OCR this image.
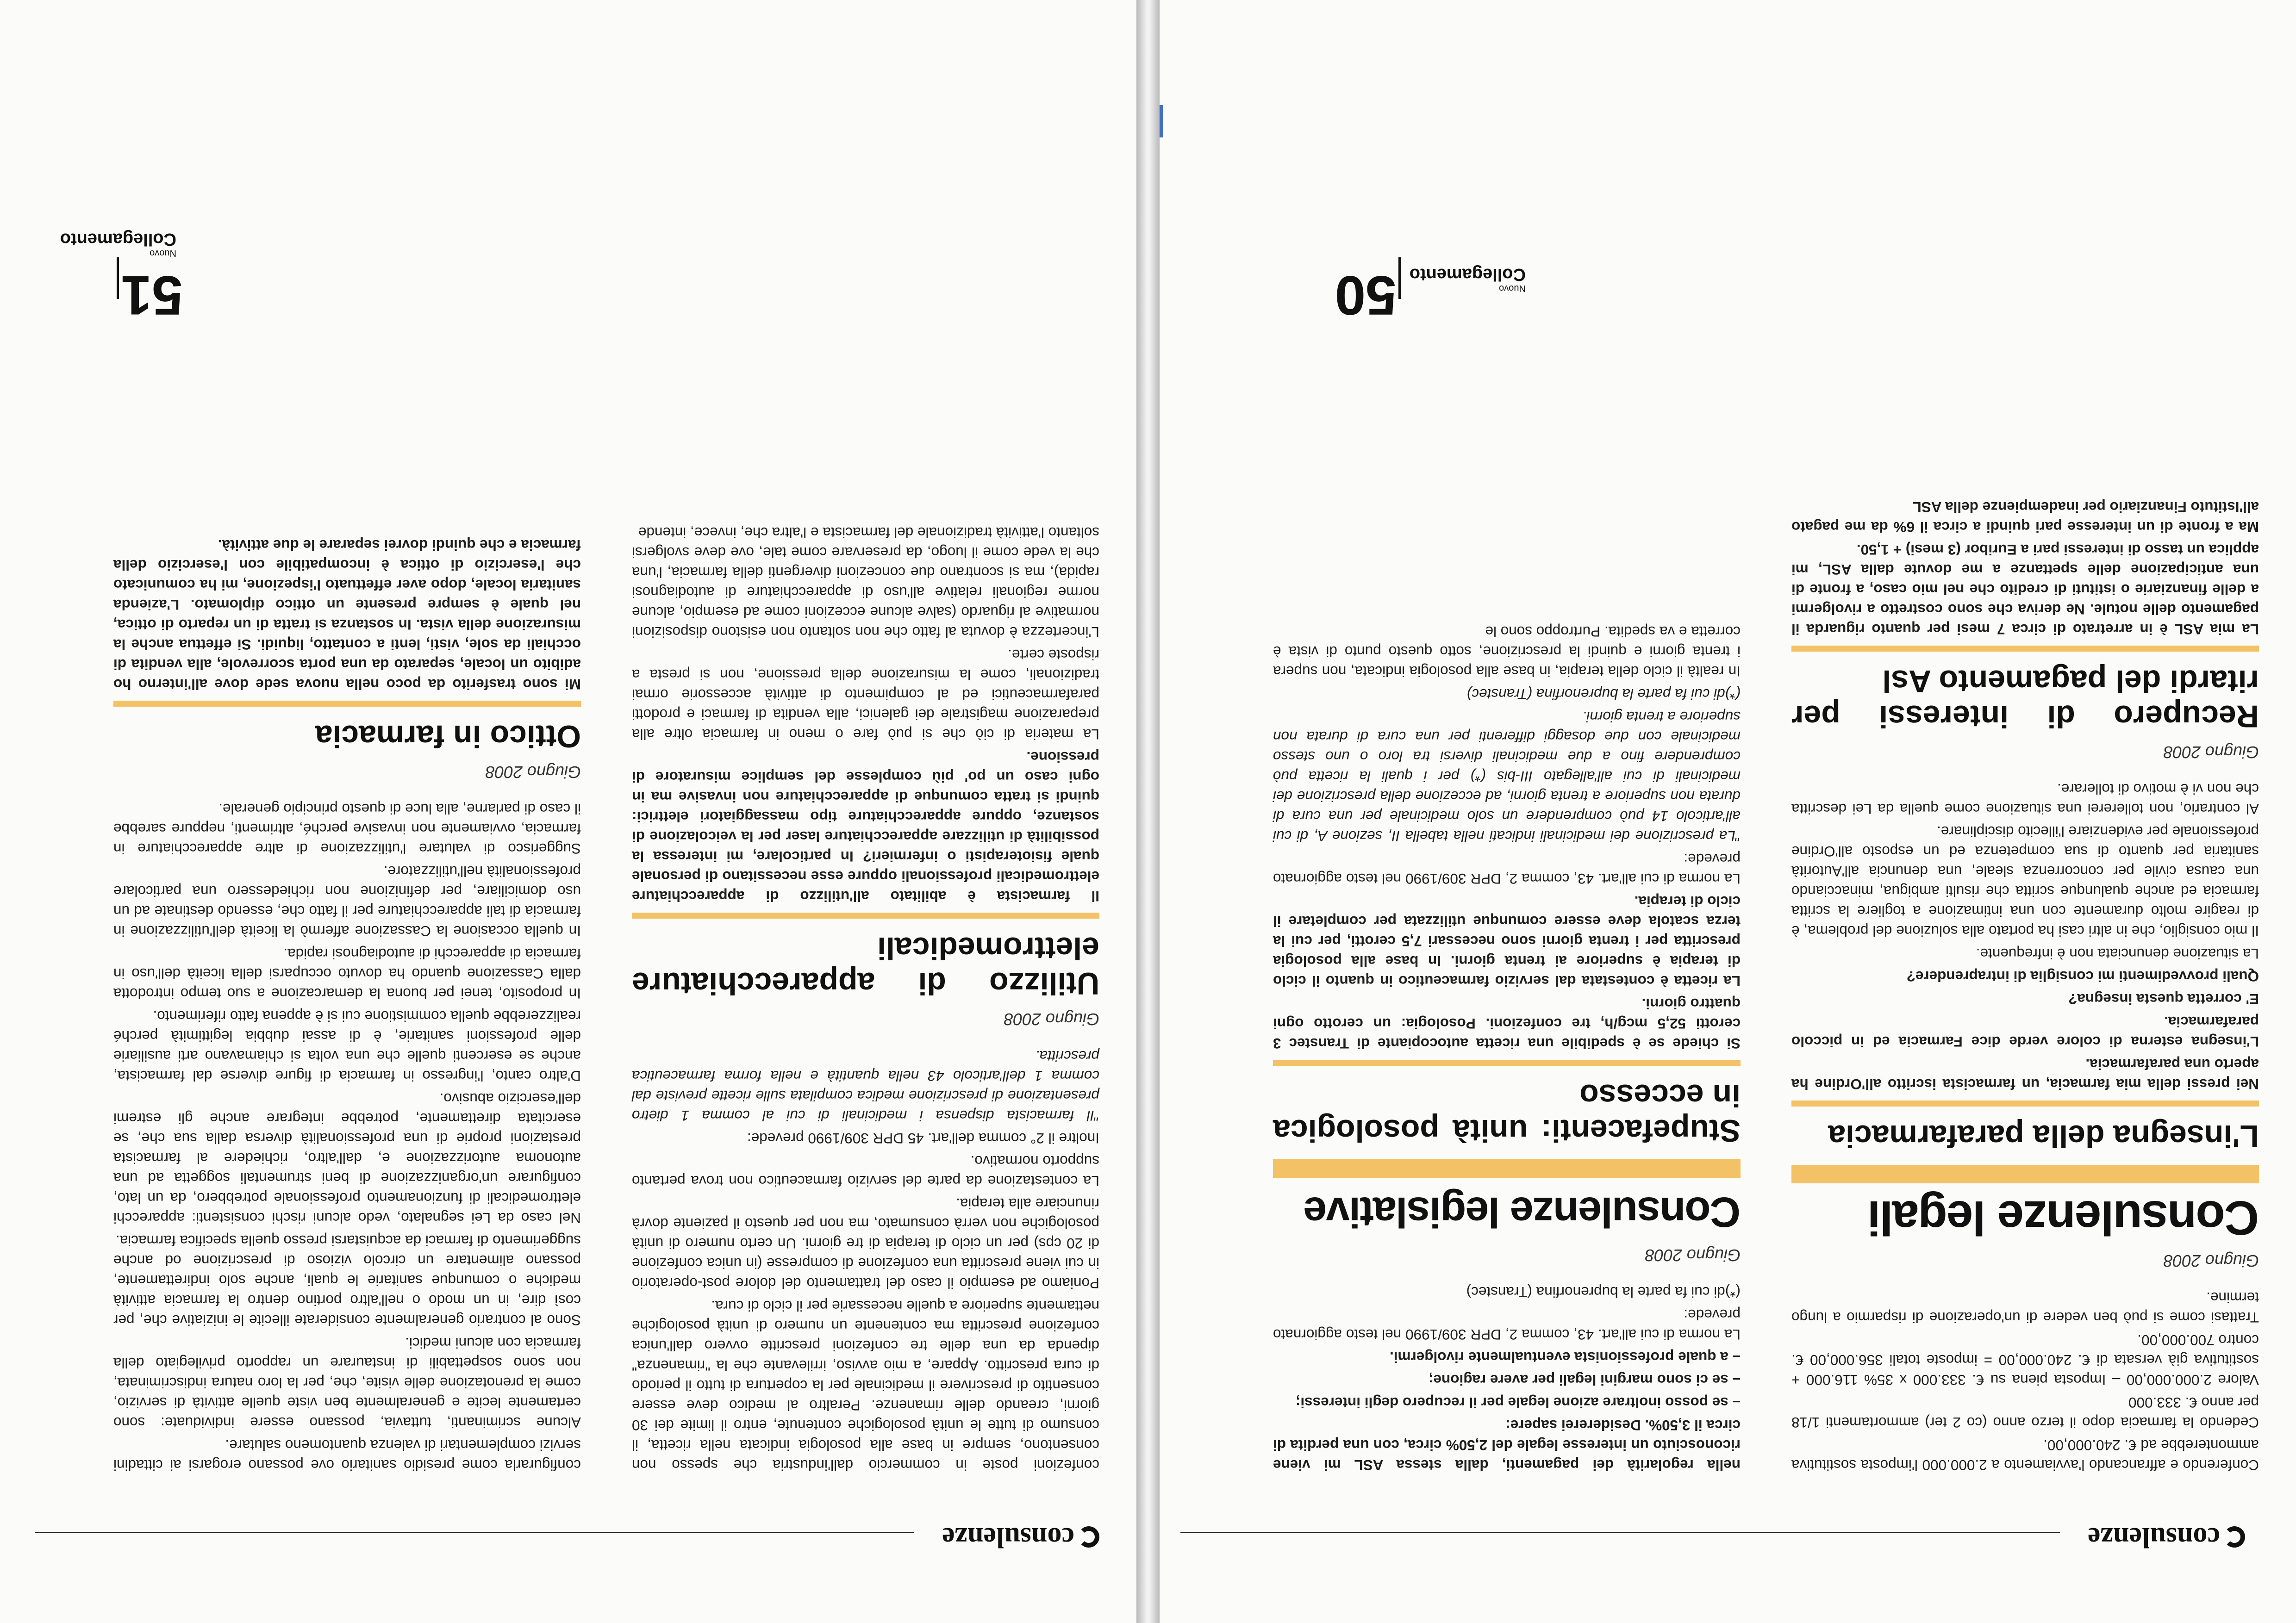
consulenze

Conferendo e affrancando l'avviamento a 2.000.000 l'imposta sostitutiva ammonterebbe ad €. 240.000,00.

Cedendo la farmacia dopo il terzo anno (co 2 ter) ammortamenti 1/18 per anno €. 333.000

Valore 2.000.000,00 – Imposta piena su €. 333.000 x 35% 116.000 + sostitutiva già versata di €. 240.000,00 = imposte totali 356.000,00 €. contro 700.000,00.

Trattasi come si può ben vedere di un'operazione di risparmio a lungo termine.

Giugno 2008
Consulenze legali
L'insegna della parafarmacia

Nei pressi della mia farmacia, un farmacista iscritto all'Ordine ha aperto una parafarmacia.

L'insegna esterna di colore verde dice Farmacia ed in piccolo parafarmacia.

E' corretta questa insegna?

Quali provvedimenti mi consiglia di intraprendere?

La situazione denunciata non è infrequente.

Il mio consiglio, che in altri casi ha portato alla soluzione del problema, è di reagire molto duramente con una intimazione a togliere la scritta farmacia ed anche qualunque scritta che risulti ambigua, minacciando una causa civile per concorrenza sleale, una denuncia all'Autorità sanitaria per quanto di sua competenza ed un esposto all'Ordine professionale per evidenziare l'illecito disciplinare.

Al contrario, non tollererei una situazione come quella da Lei descritta che non vi è motivo di tollerare.

Giugno 2008
Recupero di interessi per ritardi del pagamento Asl

La mia ASL è in arretrato di circa 7 mesi per quanto riguarda il pagamento delle notule. Ne deriva che sono costretto a rivolgermi a delle finanziarie o istituti di credito che nel mio caso, a fronte di una anticipazione delle spettanze a me dovute dalla ASL, mi applica un tasso di interessi pari a Euribor (3 mesi) + 1,50.

Ma a fronte di un interesse pari quindi a circa il 6% da me pagato all'Istituto Finanziario per inadempienze della ASL

nella regolarità dei pagamenti, dalla stessa ASL mi viene riconosciuto un interesse legale del 2,50% circa, con una perdita di circa il 3,50%. Desidererei sapere:

– se posso inoltrare azione legale per il recupero degli interessi;

– se ci sono margini legali per avere ragione;

– a quale professionista eventualmente rivolgermi.

La norma di cui all'art. 43, comma 2, DPR 309/1990 nel testo aggiornato prevede:

(*)di cui fa parte la buprenorfina (Transtec)

Giugno 2008
Consulenze legislative
Stupefacenti: unità posologica in eccesso

Si chiede se è spedibile una ricetta autocopiante di Transtec 3 cerotti 52,5 mcg/h, tre confezioni. Posologia: un cerotto ogni quattro giorni.

La ricetta è contestata dal servizio farmaceutico in quanto il ciclo di terapia è superiore ai trenta giorni. In base alla posologia prescritta per i trenta giorni sono necessari 7,5 cerotti, per cui la terza scatola deve essere comunque utilizzata per completare il ciclo di terapia.

La norma di cui all'art. 43, comma 2, DPR 309/1990 nel testo aggiornato prevede:

"La prescrizione dei medicinali indicati nella tabella II, sezione A, di cui all'articolo 14 può comprendere un solo medicinale per una cura di durata non superiore a trenta giorni, ad eccezione della prescrizione dei medicinali di cui all'allegato III-bis (*) per i quali la ricetta può comprendere fino a due medicinali diversi tra loro o uno stesso medicinale con due dosaggi differenti per una cura di durata non superiore a trenta giorni.

(*)di cui fa parte la buprenorfina (Transtec)

In realtà il ciclo della terapia, in base alla posologia indicata, non supera i trenta giorni e quindi la prescrizione, sotto questo punto di vista è corretta e va spedita. Purtroppo sono le

Nuovo
Collegamento  50
consulenze

confezioni poste in commercio dall'industria che spesso non consentono, sempre in base alla posologia indicata nella ricetta, il consumo di tutte le unità posologiche contenute, entro il limite dei 30 giorni, creando delle rimanenze. Peraltro al medico deve essere consentito di prescrivere il medicinale per la copertura di tutto il periodo di cura prescritto. Appare, a mio avviso, irrilevante che la "rimanenza" dipenda da una delle tre confezioni prescritte ovvero dall'unica confezione prescritta ma contenente un numero di unità posologiche nettamente superiore a quelle necessarie per il ciclo di cura.

Poniamo ad esempio il caso del trattamento del dolore post-operatorio in cui viene prescritta una confezione di compresse (in unica confezione di 20 cps) per un ciclo di terapia di tre giorni. Un certo numero di unità posologiche non verrà consumato, ma non per questo il paziente dovrà rinunciare alla terapia.

La contestazione da parte del servizio farmaceutico non trova pertanto supporto normativo.

Inoltre il 2° comma dell'art. 45 DPR 309/1990 prevede:

"Il farmacista dispensa i medicinali di cui al comma 1 dietro presentazione di prescrizione medica compilata sulle ricette previste dal comma 1 dell'articolo 43 nella quantità e nella forma farmaceutica prescritta.

Giugno 2008
Utilizzo di apparecchiature elettromedicali

Il farmacista è abilitato all'utilizzo di apparecchiature elettromedicali professionali oppure esse necessitano di personale quale fisioterapisti o infermieri? In particolare, mi interessa la possibilità di utilizzare apparecchiature laser per la veicolazione di sostanze, oppure apparecchiature tipo massaggiatori elettrici: quindi si tratta comunque di apparecchiature non invasive ma in ogni caso un po' più complesse del semplice misuratore di pressione.

La materia di ciò che si può fare o meno in farmacia oltre alla preparazione magistrale dei galenici, alla vendita di farmaci e prodotti parafarmaceutici ed al compimento di attività accessorie ormai tradizionali, come la misurazione della pressione, non si presta a risposte certe.

L'incertezza è dovuta al fatto che non soltanto non esistono disposizioni normative al riguardo (salve alcune eccezioni come ad esempio, alcune norme regionali relative all'uso di apparecchiature di autodiagnosi rapida), ma si scontrano due concezioni divergenti della farmacia, l'una che la vede come il luogo, da preservare come tale, ove deve svolgersi soltanto l'attività tradizionale del farmacista e l'altra che, invece, intende

configurarla come presidio sanitario ove possano erogarsi ai cittadini servizi complementari di valenza quantomeno salutare.

Alcune scriminanti, tuttavia, possano essere individuate: sono certamente lecite e generalmente ben viste quelle attività di servizio, come la prenotazione delle visite, che, per la loro natura indiscriminata, non sono sospettabili di instaurare un rapporto privilegiato della farmacia con alcuni medici.

Sono al contrario generalmente considerate illecite le iniziative che, per così dire, in un modo o nell'altro portino dentro la farmacia attività mediche o comunque sanitarie le quali, anche solo indirettamente, possano alimentare un circolo vizioso di prescrizione od anche suggerimento di farmaci da acquistarsi presso quella specifica farmacia.

Nel caso da Lei segnalato, vedo alcuni rischi consistenti: apparecchi elettromedicali di funzionamento professionale potrebbero, da un lato, configurare un'organizzazione di beni strumentali soggetta ad una autonoma autorizzazione e, dall'altro, richiedere al farmacista prestazioni proprie di una professionalità diversa dalla sua che, se esercitata direttamente, potrebbe integrare anche gli estremi dell'esercizio abusivo.

D'altro canto, l'ingresso in farmacia di figure diverse dal farmacista, anche se esercenti quelle che una volta si chiamavano arti ausiliarie delle professioni sanitarie, è di assai dubbia legittimità perché realizzerebbe quella commistione cui si è appena fatto riferimento.

In proposito, tenei per buona la demarcazione a suo tempo introdotta dalla Cassazione quando ha dovuto occuparsi della liceità dell'uso in farmacia di apparecchi di autodiagnosi rapida.

In quella occasione la Cassazione affermò la liceità dell'utilizzazione in farmacia di tali apparecchiature per il fatto che, essendo destinate ad un uso domiciliare, per definizione non richiedessero una particolare professionalità nell'utilizzatore.

Suggerisco di valutare l'utilizzazione di altre apparecchiature in farmacia, ovviamente non invasive perché, altrimenti, neppure sarebbe il caso di parlarne, alla luce di questo principio generale.

Giugno 2008
Ottico in farmacia

Mi sono trasferito da poco nella nuova sede dove all'interno ho adibito un locale, separato da una porta scorrevole, alla vendita di occhiali da sole, visti, lenti a contatto, liquidi. Si effettua anche la misurazione della vista. In sostanza si tratta di un reparto di ottica, nel quale è sempre presente un ottico diplomato. L'azienda sanitaria locale, dopo aver effettuato l'ispezione, mi ha comunicato che l'esercizio di ottica è incompatibile con l'esercizio della farmacia e che quindi dovrei separare le due attività.

51
Nuovo
Collegamento
